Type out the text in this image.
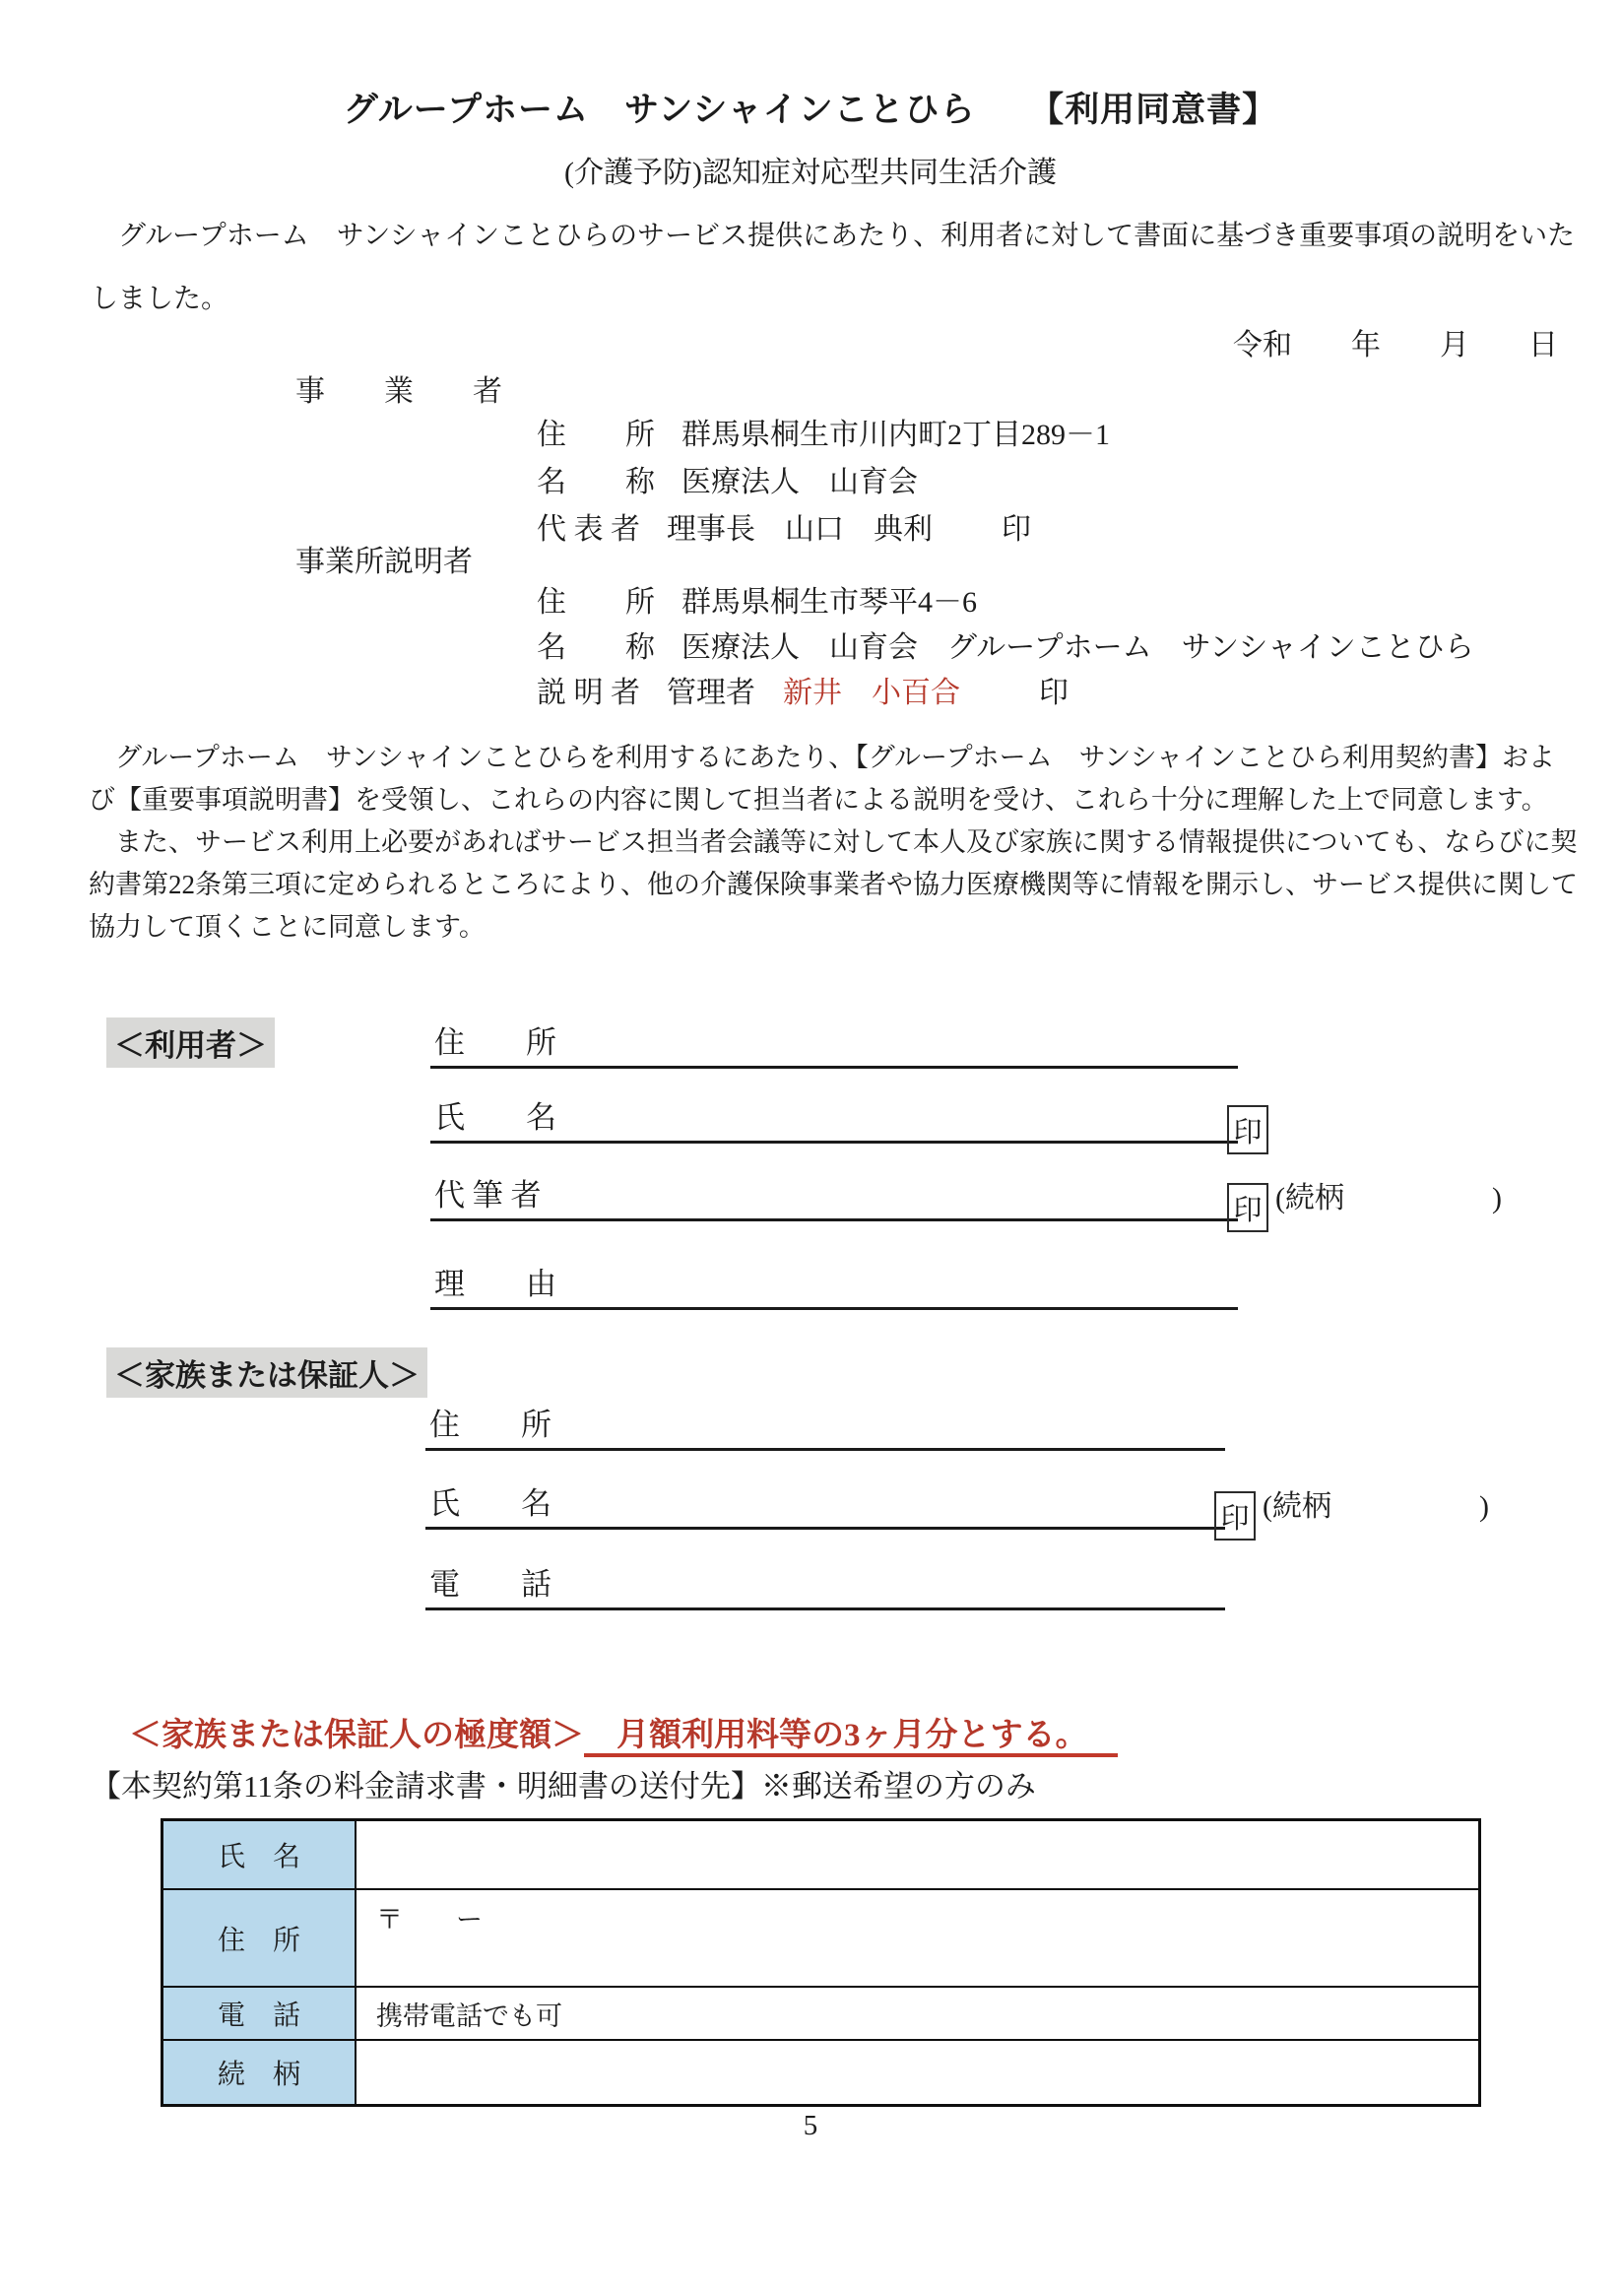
グループホーム　サンシャインことひら　　【利用同意書】
(介護予防)認知症対応型共同生活介護

　グループホーム　サンシャインことひらのサービス提供にあたり、利用者に対して書面に基づき重要事項の説明をいたしました。

令和　　年　　月　　日
事　　業　　者
住　　所 群馬県桐生市川内町2丁目289－1
名　　称 医療法人　山育会
代 表 者 理事長　山口　典利 印
事業所説明者
住　　所 群馬県桐生市琴平4－6
名　　称 医療法人　山育会　グループホーム　サンシャインことひら
説 明 者 管理者 新井　小百合	印

　グループホーム　サンシャインことひらを利用するにあたり、【グループホーム　サンシャインことひら利用契約書】および【重要事項説明書】を受領し、これらの内容に関して担当者による説明を受け、これら十分に理解した上で同意します。

　また、サービス利用上必要があればサービス担当者会議等に対して本人及び家族に関する情報提供についても、ならびに契約書第22条第三項に定められるところにより、他の介護保険事業者や協力医療機関等に情報を開示し、サービス提供に関して協力して頂くことに同意します。

＜利用者＞	住　　所
氏　　名	印
代 筆 者	印 (続柄　　　　　)
理　　由
＜家族または保証人＞
住　　所
氏　　名	印 (続柄　　　　　)
電　　話

＜家族または保証人の極度額＞　月額利用料等の3ヶ月分とする。

【本契約第11条の料金請求書・明細書の送付先】※郵送希望の方のみ
氏　名	
住　所	〒　　ー
電　話	携帯電話でも可
続　柄	
5
